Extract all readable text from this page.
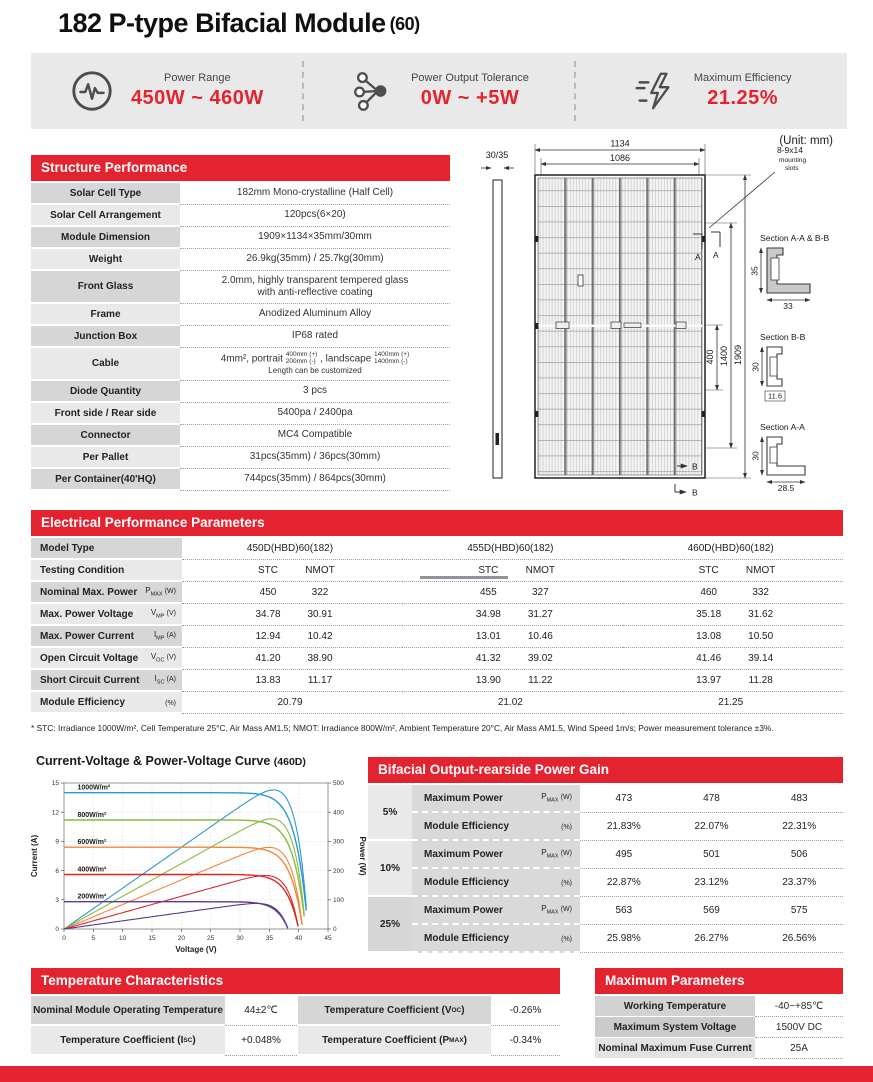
182 P-type Bifacial Module (60)
Power Range
450W ~ 460W
Power Output Tolerance
0W ~ +5W
Maximum Efficiency
21.25%
Structure Performance
Solar Cell Type	182mm Mono-crystalline (Half Cell)
Solar Cell Arrangement	120pcs(6×20)
Module Dimension	1909×1134×35mm/30mm
Weight	26.9kg(35mm) / 25.7kg(30mm)
Front Glass
2.0mm, highly transparent tempered glass
with anti-reflective coating
Frame	Anodized Aluminum Alloy
Junction Box	IP68 rated
Cable	4mm², portrait 400mm (+)
200mm (-) , landscape 1400mm (+)
1400mm (-)
Length can be customized
Diode Quantity	3 pcs
Front side / Rear side	5400pa / 2400pa
Connector	MC4 Compatible
Per Pallet	31pcs(35mm) / 36pcs(30mm)
Per Container(40'HQ)	744pcs(35mm) / 864pcs(30mm)
(Unit: mm)
30/35
1134
1086
8-9x14
mounting
slots
A A
400 1400 1909
B
B
Section A-A & B-B
35
33
Section B-B
30
11.6
Section A-A
30
28.5
Electrical Performance Parameters
Model Type	450D(HBD)60(182)	455D(HBD)60(182)	460D(HBD)60(182)
Testing Condition	STC	NMOT	STC	NMOT	STC	NMOT
Nominal Max. Power $P_{MAX}$ (W)	450	322	455	327	460	332
Max. Power Voltage $V_{MP}$ (V)	34.78	30.91	34.98	31.27	35.18	31.62
Max. Power Current	$I_{MP}$ (A)	12.94	10.42	13.01	10.46	13.08	10.50
Open Circuit Voltage $V_{OC}$ (V)	41.20	38.90	41.32	39.02	41.46	39.14
Short Circuit Current $I_{SC}$ (A)	13.83	11.17	13.90	11.22	13.97	11.28
Module Efficiency	(%)	20.79	21.02	21.25
* STC: Irradiance 1000W/m², Cell Temperature 25°C, Air Mass AM1.5; NMOT: Irradiance 800W/m², Ambient Temperature 20°C, Air Mass AM1.5, Wind Speed 1m/s; Power measurement tolerance ±3%.
Current-Voltage & Power-Voltage Curve (460D)
0	5	10	15	20	25	30	35	40	45
0
3
6
9
12
15
0
100
200
300
400
500
Voltage (V)
Current (A)	Power (W)
1000W/m²
800W/m²
600W/m²
400W/m²
200W/m²
Bifacial Output-rearside Power Gain
5%
Maximum Power	$P_{MAX}$ (W)	473	478	483
Module Efficiency	(%)	21.83%	22.07%	22.31%
10%
Maximum Power	$P_{MAX}$ (W)	495	501	506
Module Efficiency	(%)	22.87%	23.12%	23.37%
25%
Maximum Power	$P_{MAX}$ (W)	563	569	575
Module Efficiency	(%)	25.98%	26.27%	26.56%
Temperature Characteristics
Nominal Module Operating Temperature	44±2℃	Temperature Coefficient (V OC )	-0.26%
Temperature Coefficient (I SC )	+0.048%	Temperature Coefficient (P MAX )	-0.34%
Maximum Parameters
Working Temperature	-40~+85℃
Maximum System Voltage	1500V DC
Nominal Maximum Fuse Current	25A
